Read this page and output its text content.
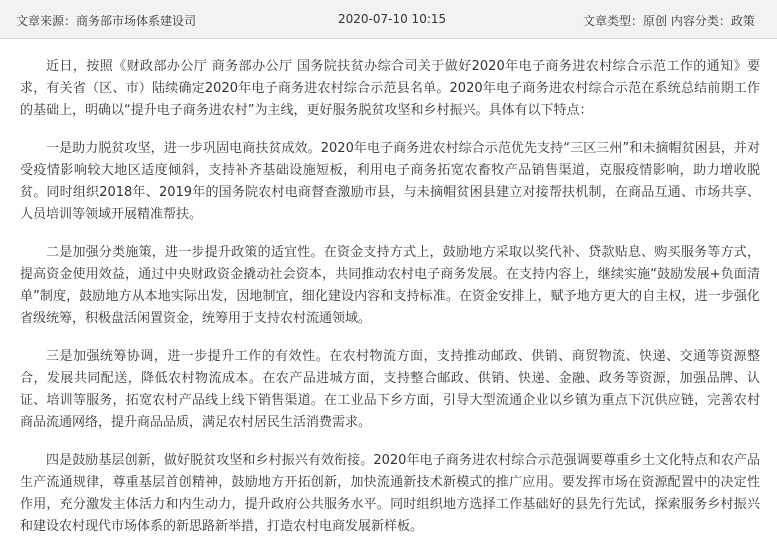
文章来源：商务部市场体系建设司	2020-07-10 10:15	文章类型：原创 内容分类：政策

近日，按照《财政部办公厅 商务部办公厅 国务院扶贫办综合司关于做好2020年电子商务进农村综合示范工作的通知》要求，有关省（区、市）陆续确定2020年电子商务进农村综合示范县名单。2020年电子商务进农村综合示范在系统总结前期工作的基础上，明确以“提升电子商务进农村”为主线，更好服务脱贫攻坚和乡村振兴。具体有以下特点：

一是助力脱贫攻坚，进一步巩固电商扶贫成效。2020年电子商务进农村综合示范优先支持“三区三州”和未摘帽贫困县，并对受疫情影响较大地区适度倾斜，支持补齐基础设施短板，利用电子商务拓宽农畜牧产品销售渠道，克服疫情影响，助力增收脱贫。同时组织2018年、2019年的国务院农村电商督查激励市县，与未摘帽贫困县建立对接帮扶机制，在商品互通、市场共享、人员培训等领域开展精准帮扶。

二是加强分类施策，进一步提升政策的适宜性。在资金支持方式上，鼓励地方采取以奖代补、贷款贴息、购买服务等方式，提高资金使用效益，通过中央财政资金撬动社会资本，共同推动农村电子商务发展。在支持内容上，继续实施“鼓励发展+负面清单”制度，鼓励地方从本地实际出发，因地制宜，细化建设内容和支持标准。在资金安排上，赋予地方更大的自主权，进一步强化省级统筹，积极盘活闲置资金，统筹用于支持农村流通领域。

三是加强统筹协调，进一步提升工作的有效性。在农村物流方面，支持推动邮政、供销、商贸物流、快递、交通等资源整合，发展共同配送，降低农村物流成本。在农产品进城方面，支持整合邮政、供销、快递、金融、政务等资源，加强品牌、认证、培训等服务，拓宽农村产品线上线下销售渠道。在工业品下乡方面，引导大型流通企业以乡镇为重点下沉供应链，完善农村商品流通网络，提升商品品质，满足农村居民生活消费需求。

四是鼓励基层创新，做好脱贫攻坚和乡村振兴有效衔接。2020年电子商务进农村综合示范强调要尊重乡土文化特点和农产品生产流通规律，尊重基层首创精神，鼓励地方开拓创新，加快流通新技术新模式的推广应用。要发挥市场在资源配置中的决定性作用，充分激发主体活力和内生动力，提升政府公共服务水平。同时组织地方选择工作基础好的县先行先试，探索服务乡村振兴和建设农村现代市场体系的新思路新举措，打造农村电商发展新样板。
